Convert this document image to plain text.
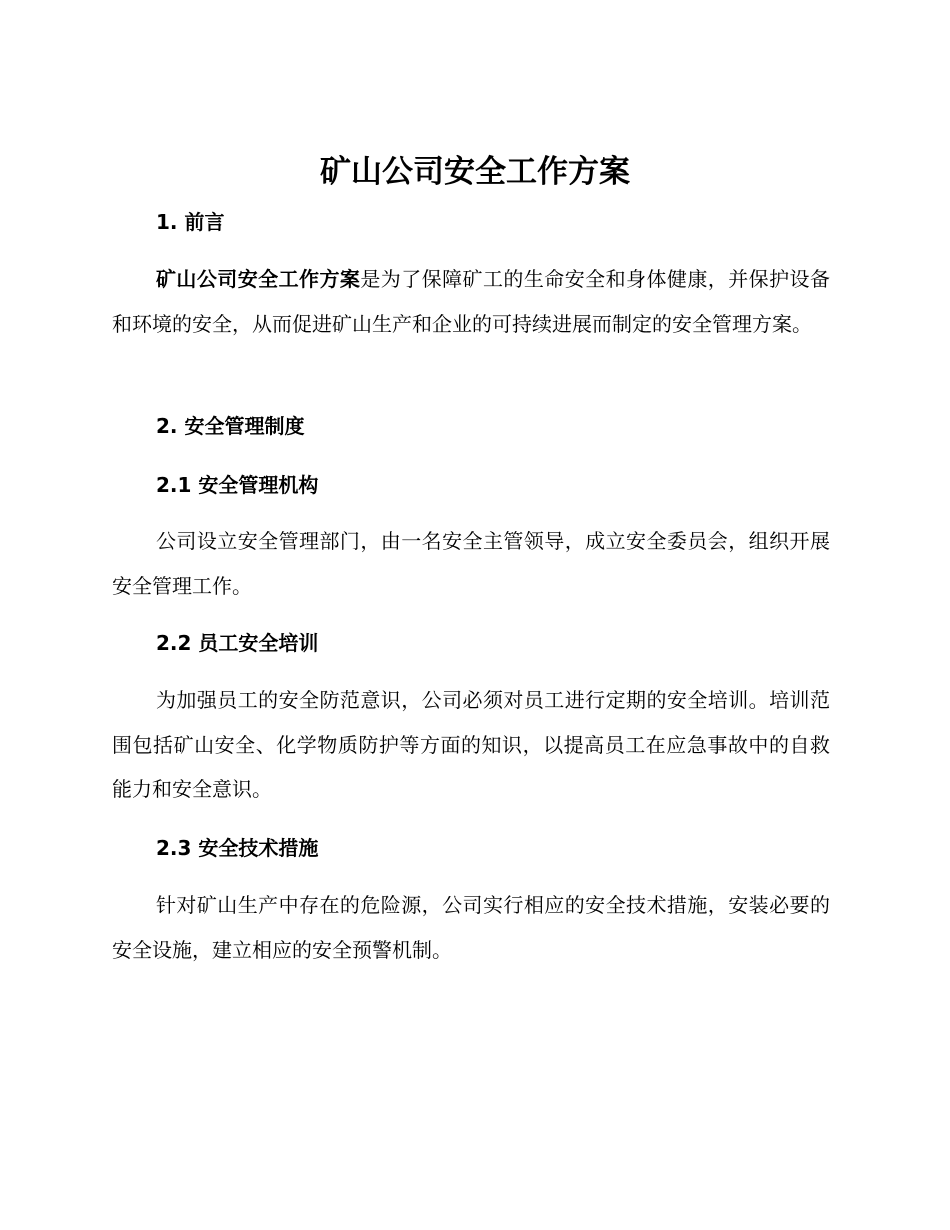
矿山公司安全工作方案
1. 前言

矿山公司安全工作方案是为了保障矿工的生命安全和身体健康，并保护设备和环境的安全，从而促进矿山生产和企业的可持续进展而制定的安全管理方案。

2. 安全管理制度
2.1 安全管理机构

公司设立安全管理部门，由一名安全主管领导，成立安全委员会，组织开展安全管理工作。

2.2 员工安全培训

为加强员工的安全防范意识，公司必须对员工进行定期的安全培训。培训范围包括矿山安全、化学物质防护等方面的知识，以提高员工在应急事故中的自救能力和安全意识。

2.3 安全技术措施

针对矿山生产中存在的危险源，公司实行相应的安全技术措施，安装必要的安全设施，建立相应的安全预警机制。
